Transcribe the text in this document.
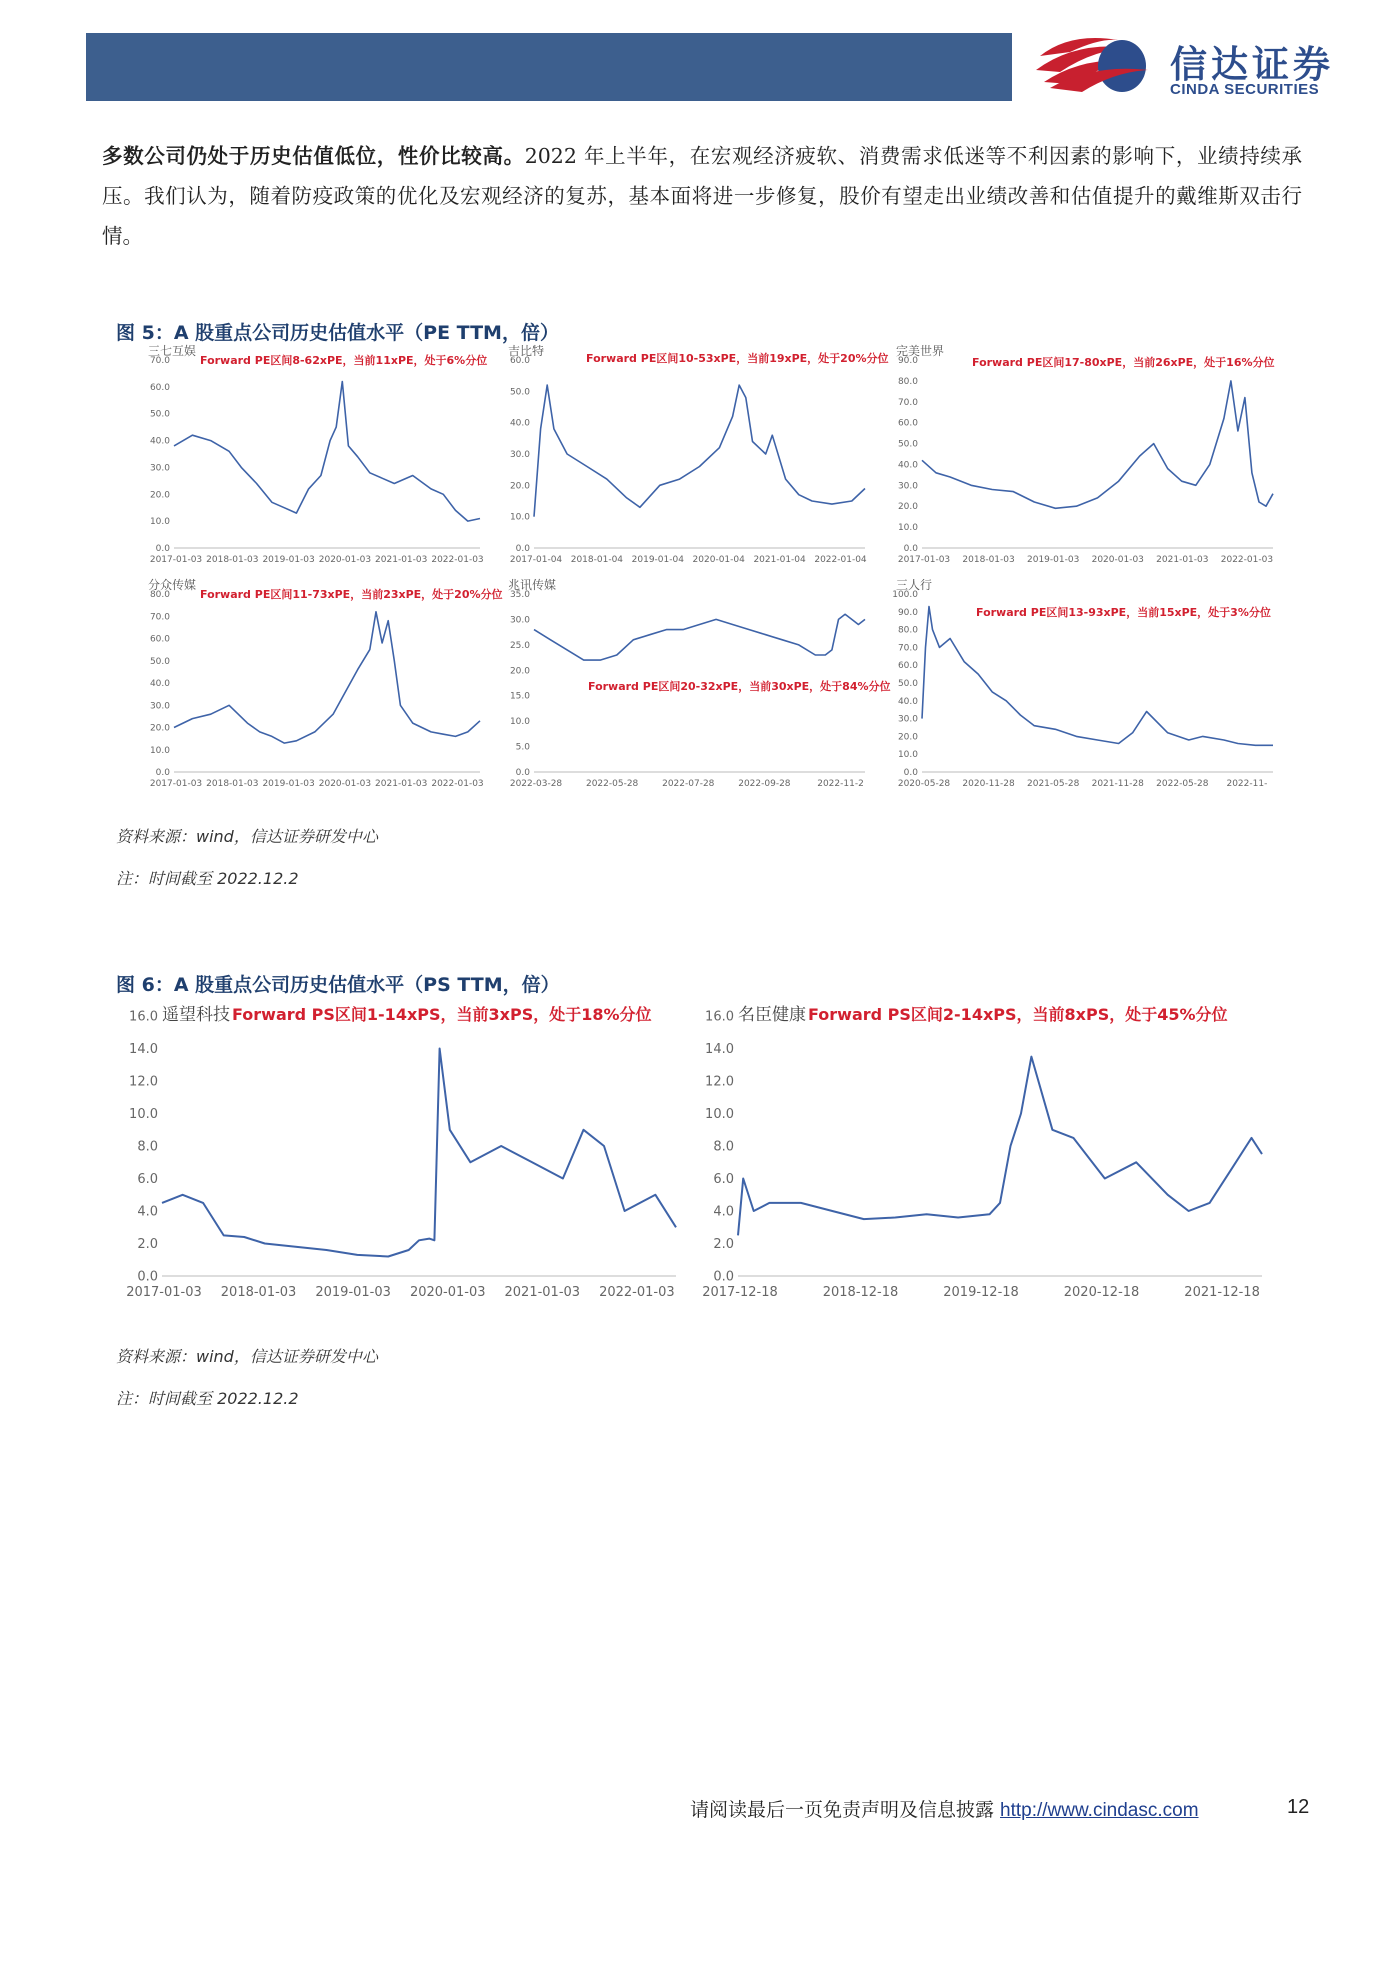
信达证券
CINDA SECURITIES
多数公司仍处于历史估值低位，性价比较高。2022 年上半年，在宏观经济疲软、消费需求低迷等不利因素的影响下，业绩持续承压。我们认为，随着防疫政策的优化及宏观经济的复苏，基本面将进一步修复，股价有望走出业绩改善和估值提升的戴维斯双击行情。
图 5：A 股重点公司历史估值水平（PE TTM，倍）
0.0
10.0
20.0
30.0
40.0
50.0
60.0
70.0
2017-01-03 2018-01-03 2019-01-03 2020-01-03 2021-01-03 2022-01-03
三七互娱
Forward PE区间8-62xPE，当前11xPE，处于6%分位
0.0
10.0
20.0
30.0
40.0
50.0
60.0
2017-01-04 2018-01-04 2019-01-04 2020-01-04 2021-01-04 2022-01-04
吉比特
Forward PE区间10-53xPE，当前19xPE，处于20%分位
0.0
10.0
20.0
30.0
40.0
50.0
60.0
70.0
80.0
90.0
2017-01-03 2018-01-03 2019-01-03 2020-01-03 2021-01-03 2022-01-03
完美世界
Forward PE区间17-80xPE，当前26xPE，处于16%分位
0.0
10.0
20.0
30.0
40.0
50.0
60.0
70.0
80.0
2017-01-03 2018-01-03 2019-01-03 2020-01-03 2021-01-03 2022-01-03
分众传媒
Forward PE区间11-73xPE，当前23xPE，处于20%分位
0.0
5.0
10.0
15.0
20.0
25.0
30.0
35.0
2022-03-28	2022-05-28	2022-07-28	2022-09-28	2022-11-2
兆讯传媒
Forward PE区间20-32xPE，当前30xPE，处于84%分位
0.0
10.0
20.0
30.0
40.0
50.0
60.0
70.0
80.0
90.0
100.0
2020-05-28 2020-11-28 2021-05-28 2021-11-28 2022-05-28 2022-11-
三人行
Forward PE区间13-93xPE，当前15xPE，处于3%分位
资料来源：wind，信达证券研发中心
注：时间截至 2022.12.2
图 6：A 股重点公司历史估值水平（PS TTM，倍）
0.0
2.0
4.0
6.0
8.0
10.0
12.0
14.0
16.0
2017-01-03 2018-01-03 2019-01-03 2020-01-03 2021-01-03 2022-01-03
遥望科技 Forward PS区间1-14xPS，当前3xPS，处于18%分位
0.0
2.0
4.0
6.0
8.0
10.0
12.0
14.0
16.0
2017-12-18	2018-12-18	2019-12-18	2020-12-18	2021-12-18
名臣健康 Forward PS区间2-14xPS，当前8xPS，处于45%分位
资料来源：wind，信达证券研发中心
注：时间截至 2022.12.2
请阅读最后一页免责声明及信息披露 http://www.cindasc.com	12
